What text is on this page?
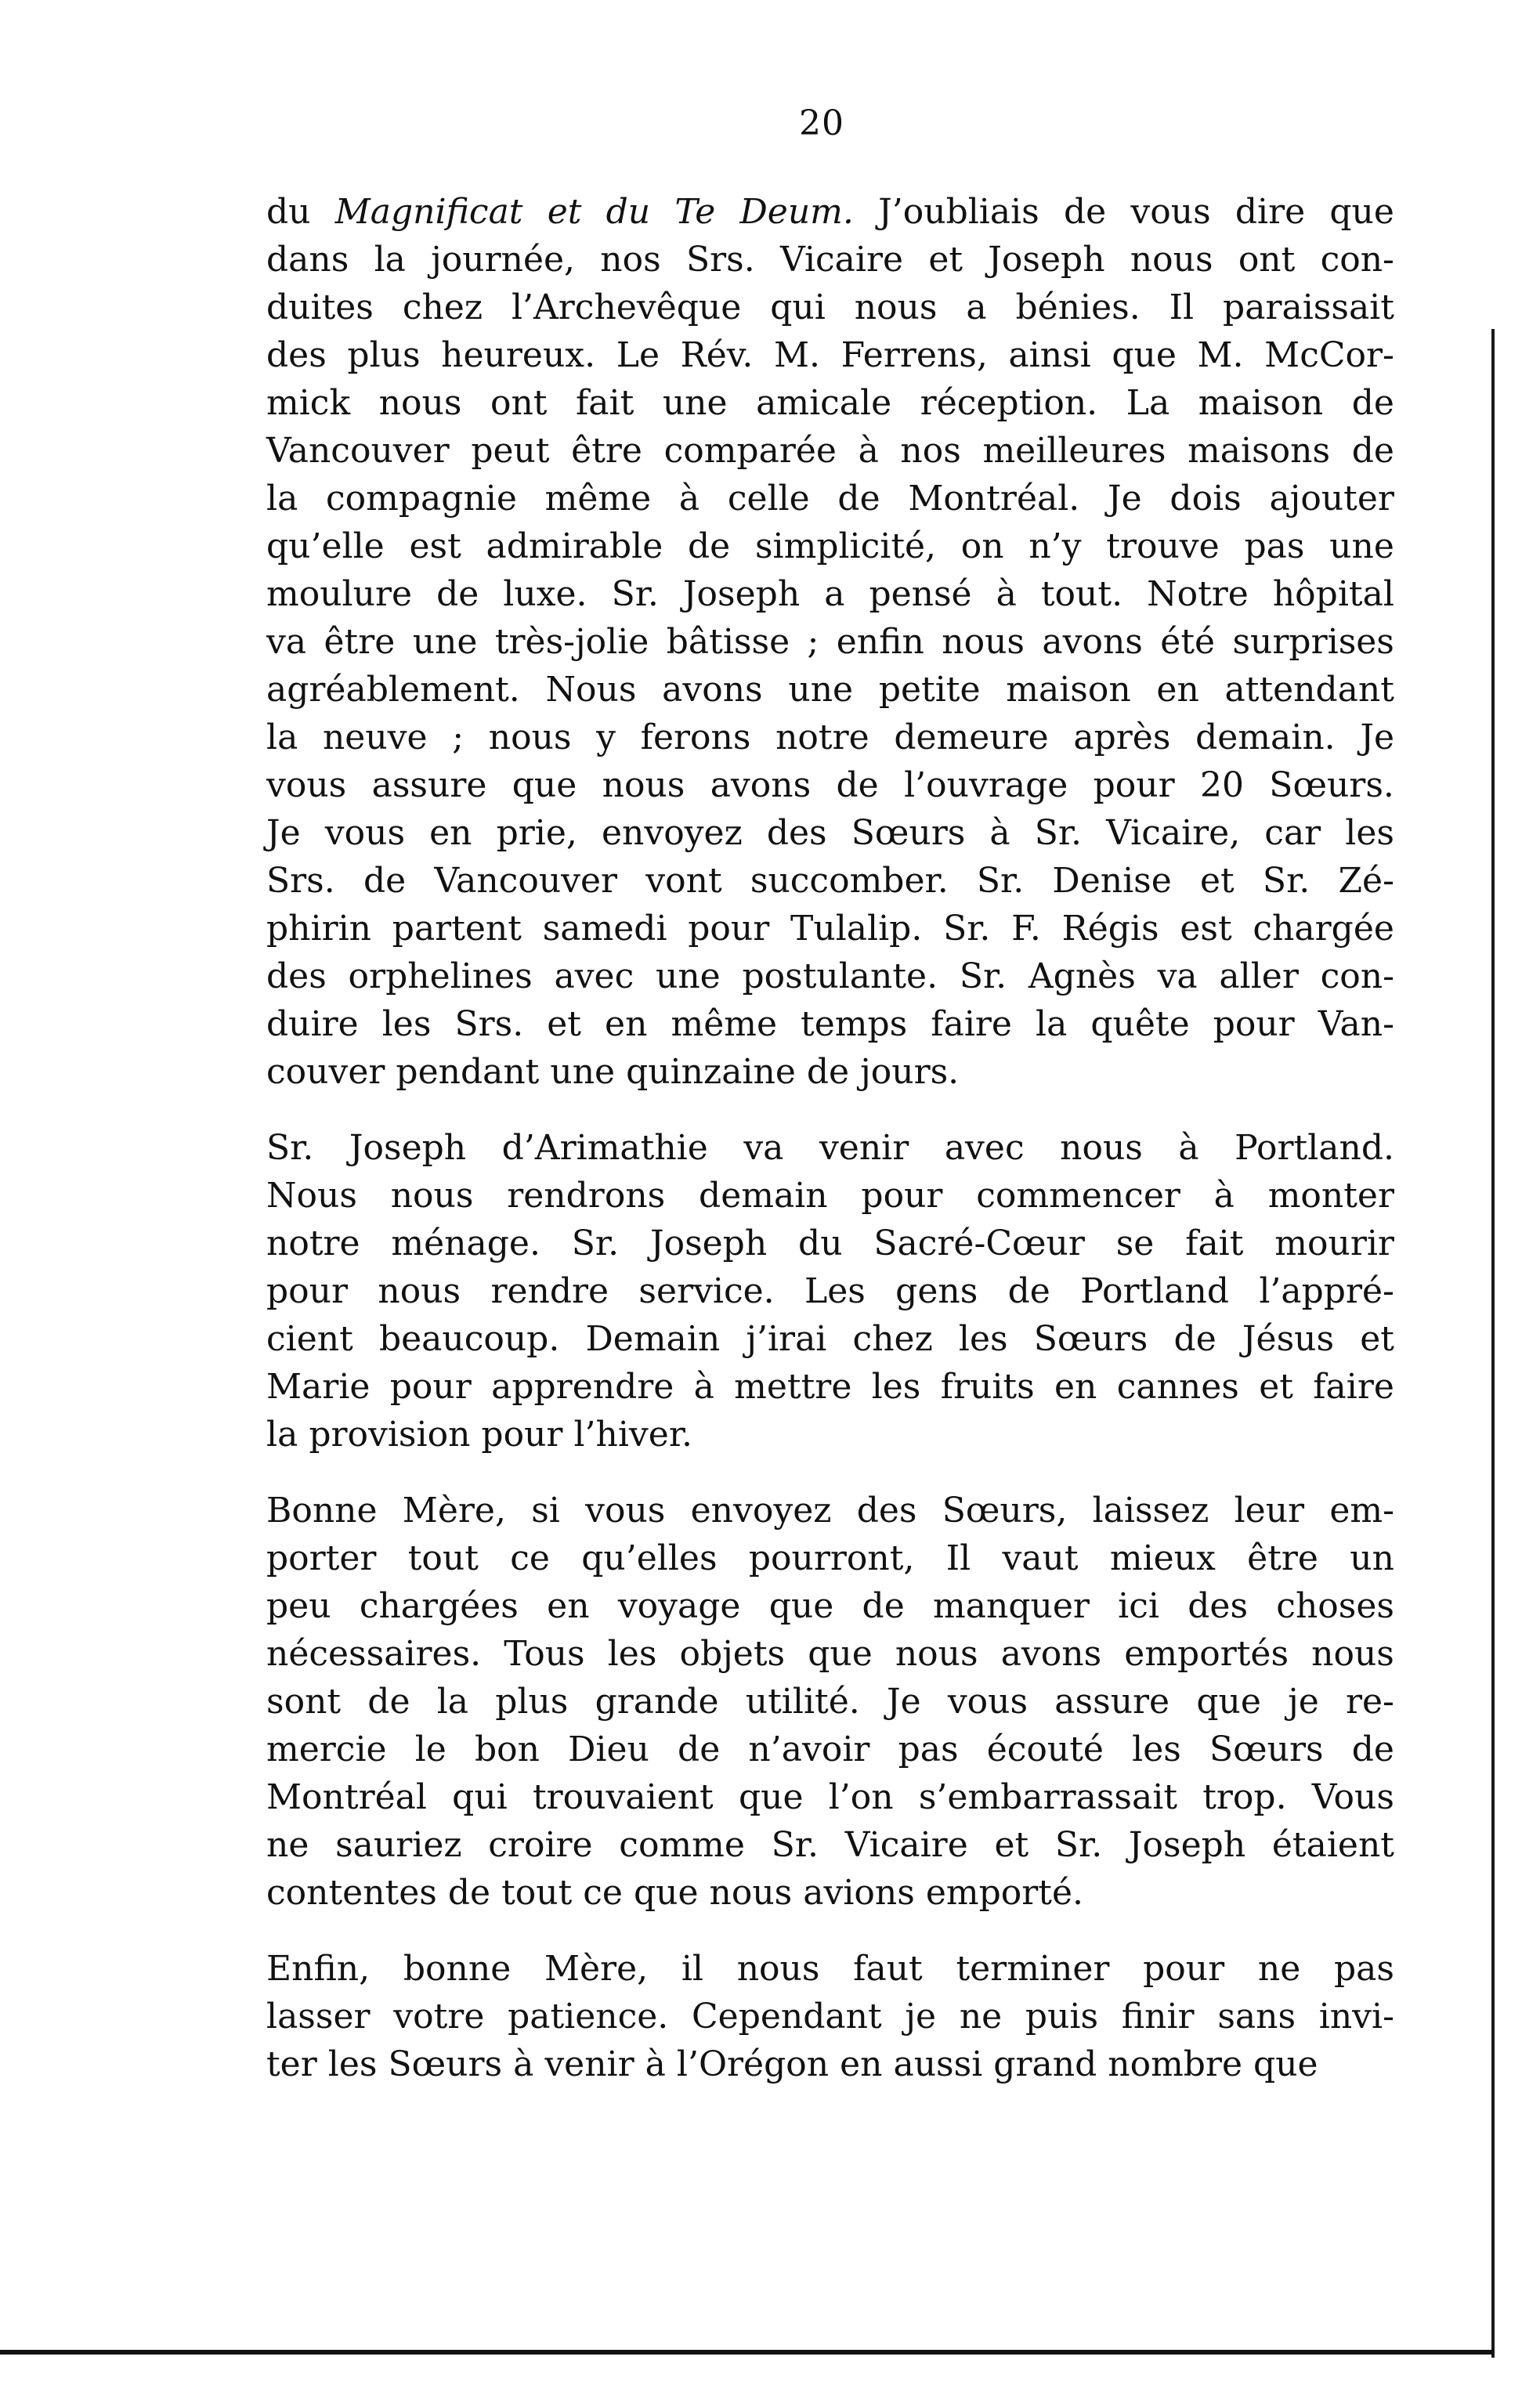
20
du Magnificat et du Te Deum. J’oubliais de vous dire que
dans la journée, nos Srs. Vicaire et Joseph nous ont con-
duites chez l’Archevêque qui nous a bénies. Il paraissait
des plus heureux. Le Rév. M. Ferrens, ainsi que M. McCor-
mick nous ont fait une amicale réception. La maison de
Vancouver peut être comparée à nos meilleures maisons de
la compagnie même à celle de Montréal. Je dois ajouter
qu’elle est admirable de simplicité, on n’y trouve pas une
moulure de luxe. Sr. Joseph a pensé à tout. Notre hôpital
va être une très-jolie bâtisse ; enfin nous avons été surprises
agréablement. Nous avons une petite maison en attendant
la neuve ; nous y ferons notre demeure après demain. Je
vous assure que nous avons de l’ouvrage pour 20 Sœurs.
Je vous en prie, envoyez des Sœurs à Sr. Vicaire, car les
Srs. de Vancouver vont succomber. Sr. Denise et Sr. Zé-
phirin partent samedi pour Tulalip. Sr. F. Régis est chargée
des orphelines avec une postulante. Sr. Agnès va aller con-
duire les Srs. et en même temps faire la quête pour Van-
couver pendant une quinzaine de jours.
Sr. Joseph d’Arimathie va venir avec nous à Portland.
Nous nous rendrons demain pour commencer à monter
notre ménage. Sr. Joseph du Sacré-Cœur se fait mourir
pour nous rendre service. Les gens de Portland l’appré-
cient beaucoup. Demain j’irai chez les Sœurs de Jésus et
Marie pour apprendre à mettre les fruits en cannes et faire
la provision pour l’hiver.
Bonne Mère, si vous envoyez des Sœurs, laissez leur em-
porter tout ce qu’elles pourront, Il vaut mieux être un
peu chargées en voyage que de manquer ici des choses
nécessaires. Tous les objets que nous avons emportés nous
sont de la plus grande utilité. Je vous assure que je re-
mercie le bon Dieu de n’avoir pas écouté les Sœurs de
Montréal qui trouvaient que l’on s’embarrassait trop. Vous
ne sauriez croire comme Sr. Vicaire et Sr. Joseph étaient
contentes de tout ce que nous avions emporté.
Enfin, bonne Mère, il nous faut terminer pour ne pas
lasser votre patience. Cependant je ne puis finir sans invi-
ter les Sœurs à venir à l’Orégon en aussi grand nombre que
